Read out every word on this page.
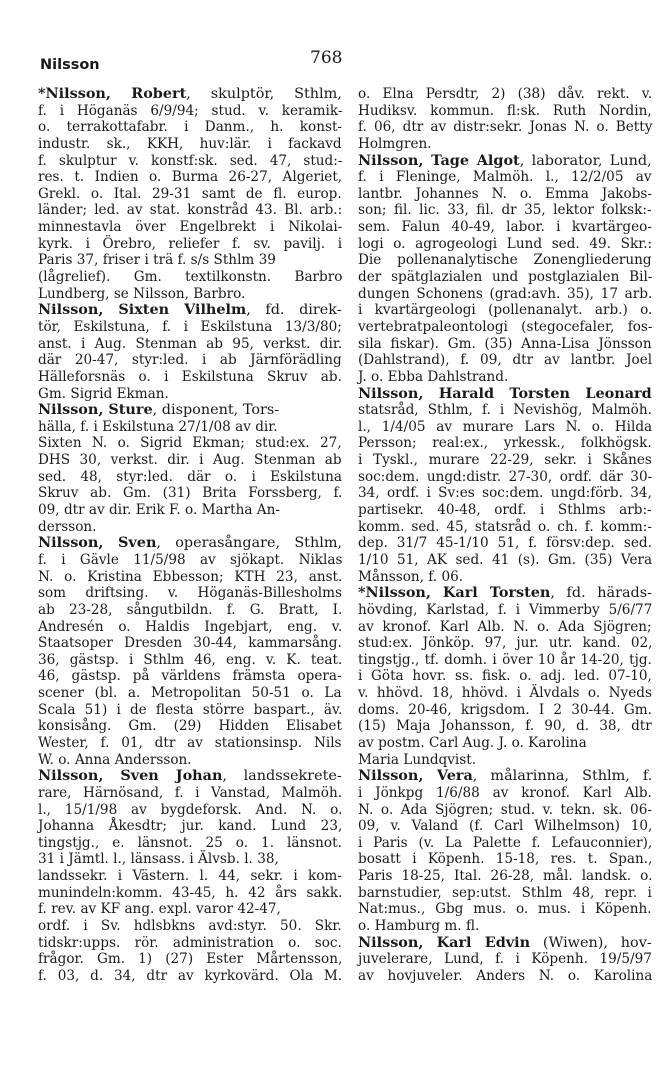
Nilsson	768
*Nilsson, Robert, skulptör, Sthlm,
f. i Höganäs 6/9/94; stud. v. keramik-
o. terrakottafabr. i Danm., h. konst-
industr. sk., KKH, huv:lär. i fackavd
f. skulptur v. konstf:sk. sed. 47, stud:-
res. t. Indien o. Burma 26-27, Algeriet,
Grekl. o. Ital. 29-31 samt de fl. europ.
länder; led. av stat. konstråd 43. Bl. arb.:
minnestavla över Engelbrekt i Nikolai-
kyrk. i Örebro, reliefer f. sv. pavilj. i
Paris 37, friser i trä f. s/s Sthlm 39
(lågrelief). Gm. textilkonstn. Barbro
Lundberg, se Nilsson, Barbro.
Nilsson, Sixten Vilhelm, fd. direk-
tör, Eskilstuna, f. i Eskilstuna 13/3/80;
anst. i Aug. Stenman ab 95, verkst. dir.
där 20-47, styr:led. i ab Järnförädling
Hälleforsnäs o. i Eskilstuna Skruv ab.
Gm. Sigrid Ekman.
Nilsson, Sture, disponent, Tors-
hälla, f. i Eskilstuna 27/1/08 av dir.
Sixten N. o. Sigrid Ekman; stud:ex. 27,
DHS 30, verkst. dir. i Aug. Stenman ab
sed. 48, styr:led. där o. i Eskilstuna
Skruv ab. Gm. (31) Brita Forssberg, f.
09, dtr av dir. Erik F. o. Martha An-
dersson.
Nilsson, Sven, operasångare, Sthlm,
f. i Gävle 11/5/98 av sjökapt. Niklas
N. o. Kristina Ebbesson; KTH 23, anst.
som driftsing. v. Höganäs-Billesholms
ab 23-28, sångutbildn. f. G. Bratt, I.
Andresén o. Haldis Ingebjart, eng. v.
Staatsoper Dresden 30-44, kammarsång.
36, gästsp. i Sthlm 46, eng. v. K. teat.
46, gästsp. på världens främsta opera-
scener (bl. a. Metropolitan 50-51 o. La
Scala 51) i de flesta större baspart., äv.
konsisång. Gm. (29) Hidden Elisabet
Wester, f. 01, dtr av stationsinsp. Nils
W. o. Anna Andersson.
Nilsson, Sven Johan, landssekrete-
rare, Härnösand, f. i Vanstad, Malmöh.
l., 15/1/98 av bygdeforsk. And. N. o.
Johanna Åkesdtr; jur. kand. Lund 23,
tingstjg., e. länsnot. 25 o. 1. länsnot.
31 i Jämtl. l., länsass. i Älvsb. l. 38,
landssekr. i Västern. l. 44, sekr. i kom-
munindeln:komm. 43-45, h. 42 års sakk.
f. rev. av KF ang. expl. varor 42-47,
ordf. i Sv. hdlsbkns avd:styr. 50. Skr.
tidskr:upps. rör. administration o. soc.
frågor. Gm. 1) (27) Ester Mårtensson,
f. 03, d. 34, dtr av kyrkovärd. Ola M.
o. Elna Persdtr, 2) (38) dåv. rekt. v.
Hudiksv. kommun. fl:sk. Ruth Nordin,
f. 06, dtr av distr:sekr. Jonas N. o. Betty
Holmgren.
Nilsson, Tage Algot, laborator, Lund,
f. i Fleninge, Malmöh. l., 12/2/05 av
lantbr. Johannes N. o. Emma Jakobs-
son; fil. lic. 33, fil. dr 35, lektor folksk:-
sem. Falun 40-49, labor. i kvartärgeo-
logi o. agrogeologi Lund sed. 49. Skr.:
Die pollenanalytische Zonengliederung
der spätglazialen und postglazialen Bil-
dungen Schonens (grad:avh. 35), 17 arb.
i kvartärgeologi (pollenanalyt. arb.) o.
vertebratpaleontologi (stegocefaler, fos-
sila fiskar). Gm. (35) Anna-Lisa Jönsson
(Dahlstrand), f. 09, dtr av lantbr. Joel
J. o. Ebba Dahlstrand.
Nilsson, Harald Torsten Leonard
statsråd, Sthlm, f. i Nevishög, Malmöh.
l., 1/4/05 av murare Lars N. o. Hilda
Persson; real:ex., yrkessk., folkhögsk.
i Tyskl., murare 22-29, sekr. i Skånes
soc:dem. ungd:distr. 27-30, ordf. där 30-
34, ordf. i Sv:es soc:dem. ungd:förb. 34,
partisekr. 40-48, ordf. i Sthlms arb:-
komm. sed. 45, statsråd o. ch. f. komm:-
dep. 31/7 45-1/10 51, f. försv:dep. sed.
1/10 51, AK sed. 41 (s). Gm. (35) Vera
Månsson, f. 06.
*Nilsson, Karl Torsten, fd. härads-
hövding, Karlstad, f. i Vimmerby 5/6/77
av kronof. Karl Alb. N. o. Ada Sjögren;
stud:ex. Jönköp. 97, jur. utr. kand. 02,
tingstjg., tf. domh. i över 10 år 14-20, tjg.
i Göta hovr. ss. fisk. o. adj. led. 07-10,
v. hhövd. 18, hhövd. i Älvdals o. Nyeds
doms. 20-46, krigsdom. I 2 30-44. Gm.
(15) Maja Johansson, f. 90, d. 38, dtr
av postm. Carl Aug. J. o. Karolina
Maria Lundqvist.
Nilsson, Vera, målarinna, Sthlm, f.
i Jönkpg 1/6/88 av kronof. Karl Alb.
N. o. Ada Sjögren; stud. v. tekn. sk. 06-
09, v. Valand (f. Carl Wilhelmson) 10,
i Paris (v. La Palette f. Lefauconnier),
bosatt i Köpenh. 15-18, res. t. Span.,
Paris 18-25, Ital. 26-28, mål. landsk. o.
barnstudier, sep:utst. Sthlm 48, repr. i
Nat:mus., Gbg mus. o. mus. i Köpenh.
o. Hamburg m. fl.
Nilsson, Karl Edvin (Wiwen), hov-
juvelerare, Lund, f. i Köpenh. 19/5/97
av hovjuveler. Anders N. o. Karolina
